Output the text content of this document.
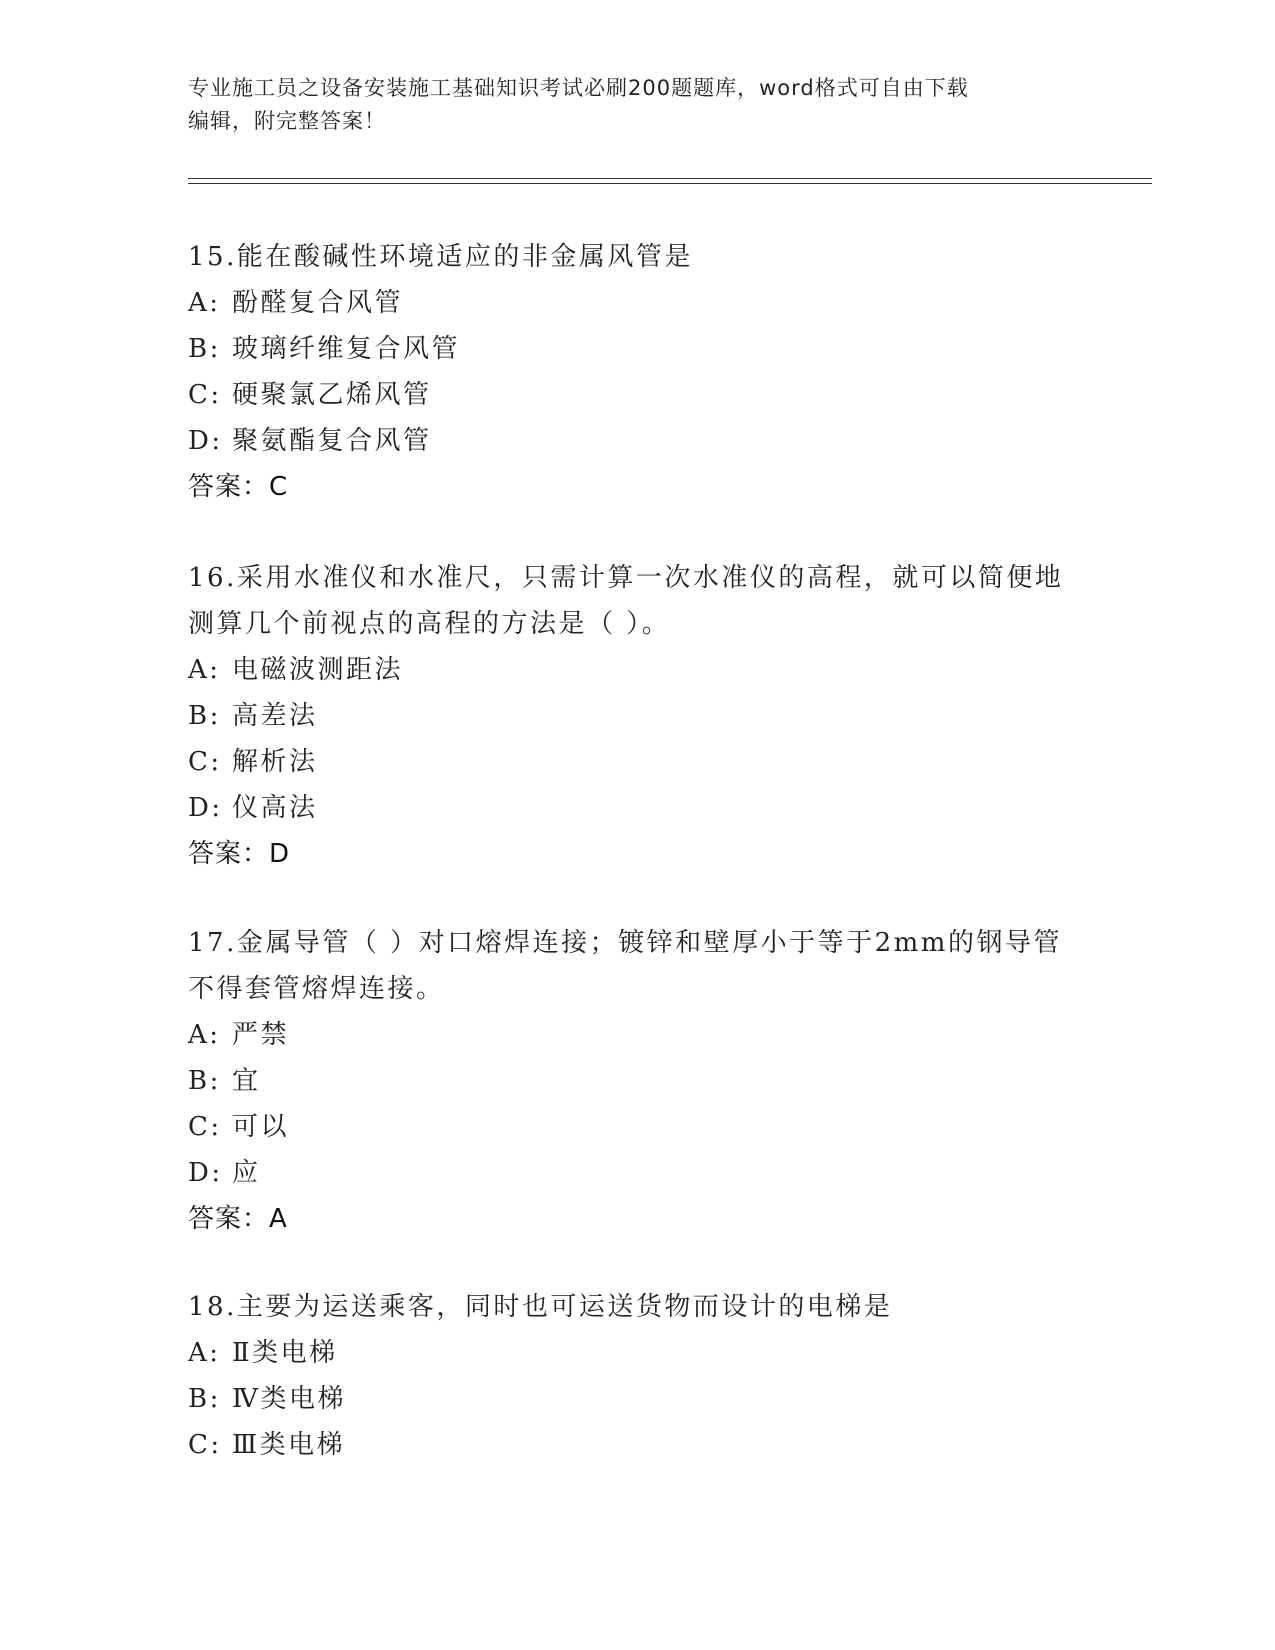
专业施工员之设备安装施工基础知识考试必刷200题题库，word格式可自由下载
编辑，附完整答案！

15.能在酸碱性环境适应的非金属风管是

A: 酚醛复合风管

B: 玻璃纤维复合风管

C: 硬聚氯乙烯风管

D: 聚氨酯复合风管

答案：C

16.采用水准仪和水准尺，只需计算一次水准仪的高程，就可以简便地

测算几个前视点的高程的方法是（ ）。

A: 电磁波测距法

B: 高差法

C: 解析法

D: 仪高法

答案：D

17.金属导管（ ）对口熔焊连接；镀锌和壁厚小于等于2mm的钢导管

不得套管熔焊连接。

A: 严禁

B: 宜

C: 可以

D: 应

答案：A

18.主要为运送乘客，同时也可运送货物而设计的电梯是

A: Ⅱ类电梯

B: Ⅳ类电梯

C: Ⅲ类电梯
